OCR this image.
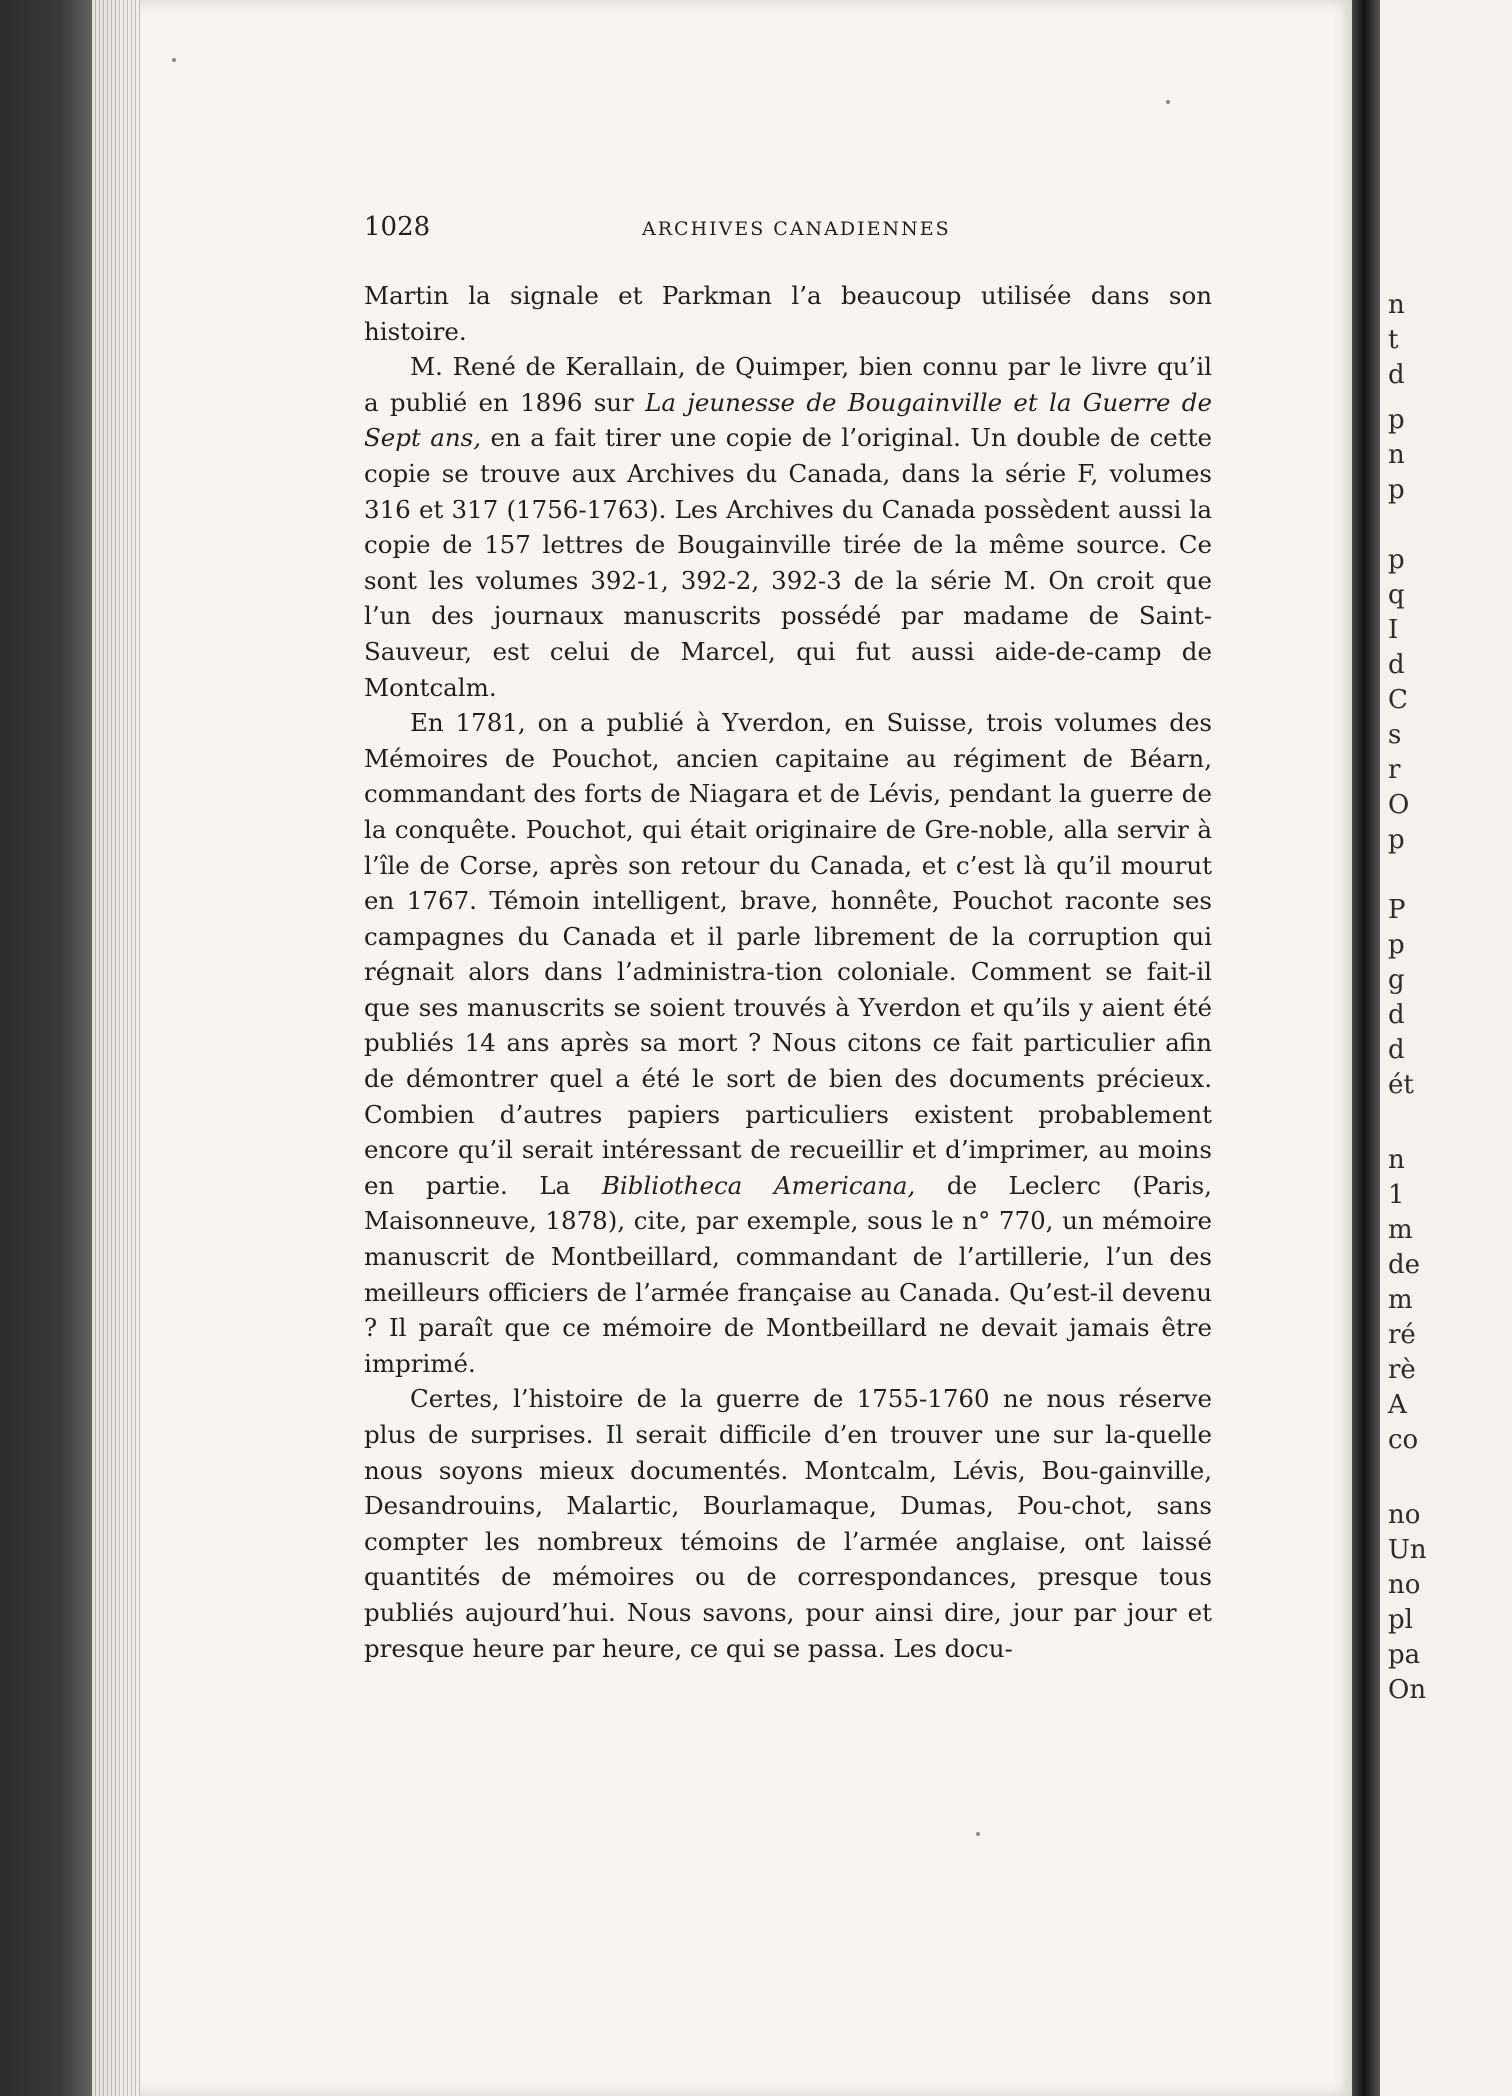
1028	ARCHIVES CANADIENNES

Martin la signale et Parkman l’a beaucoup utilisée dans son histoire.

M. René de Kerallain, de Quimper, bien connu par le livre qu’il a publié en 1896 sur La jeunesse de Bougainville et la Guerre de Sept ans, en a fait tirer une copie de l’original. Un double de cette copie se trouve aux Archives du Canada, dans la série F, volumes 316 et 317 (1756-1763). Les Archives du Canada possèdent aussi la copie de 157 lettres de Bougainville tirée de la même source. Ce sont les volumes 392-1, 392-2, 392-3 de la série M. On croit que l’un des journaux manuscrits possédé par madame de Saint-Sauveur, est celui de Marcel, qui fut aussi aide-de-camp de Montcalm.

En 1781, on a publié à Yverdon, en Suisse, trois volumes des Mémoires de Pouchot, ancien capitaine au régiment de Béarn, commandant des forts de Niagara et de Lévis, pendant la guerre de la conquête. Pouchot, qui était originaire de Gre-noble, alla servir à l’île de Corse, après son retour du Canada, et c’est là qu’il mourut en 1767. Témoin intelligent, brave, honnête, Pouchot raconte ses campagnes du Canada et il parle librement de la corruption qui régnait alors dans l’administra-tion coloniale. Comment se fait-il que ses manuscrits se soient trouvés à Yverdon et qu’ils y aient été publiés 14 ans après sa mort ? Nous citons ce fait particulier afin de démontrer quel a été le sort de bien des documents précieux. Combien d’autres papiers particuliers existent probablement encore qu’il serait intéressant de recueillir et d’imprimer, au moins en partie. La Bibliotheca Americana, de Leclerc (Paris, Maisonneuve, 1878), cite, par exemple, sous le n° 770, un mémoire manuscrit de Montbeillard, commandant de l’artillerie, l’un des meilleurs officiers de l’armée française au Canada. Qu’est-il devenu ? Il paraît que ce mémoire de Montbeillard ne devait jamais être imprimé.

Certes, l’histoire de la guerre de 1755-1760 ne nous réserve plus de surprises. Il serait difficile d’en trouver une sur la-quelle nous soyons mieux documentés. Montcalm, Lévis, Bou-gainville, Desandrouins, Malartic, Bourlamaque, Dumas, Pou-chot, sans compter les nombreux témoins de l’armée anglaise, ont laissé quantités de mémoires ou de correspondances, presque tous publiés aujourd’hui. Nous savons, pour ainsi dire, jour par jour et presque heure par heure, ce qui se passa. Les docu-

n
t
d
p
n
p
p
q
I
d
C
s
r
O
p
P
p
g
d
d
ét
n
1
m
de
m
ré
rè
A
co
no
Un
no
pl
pa
On
